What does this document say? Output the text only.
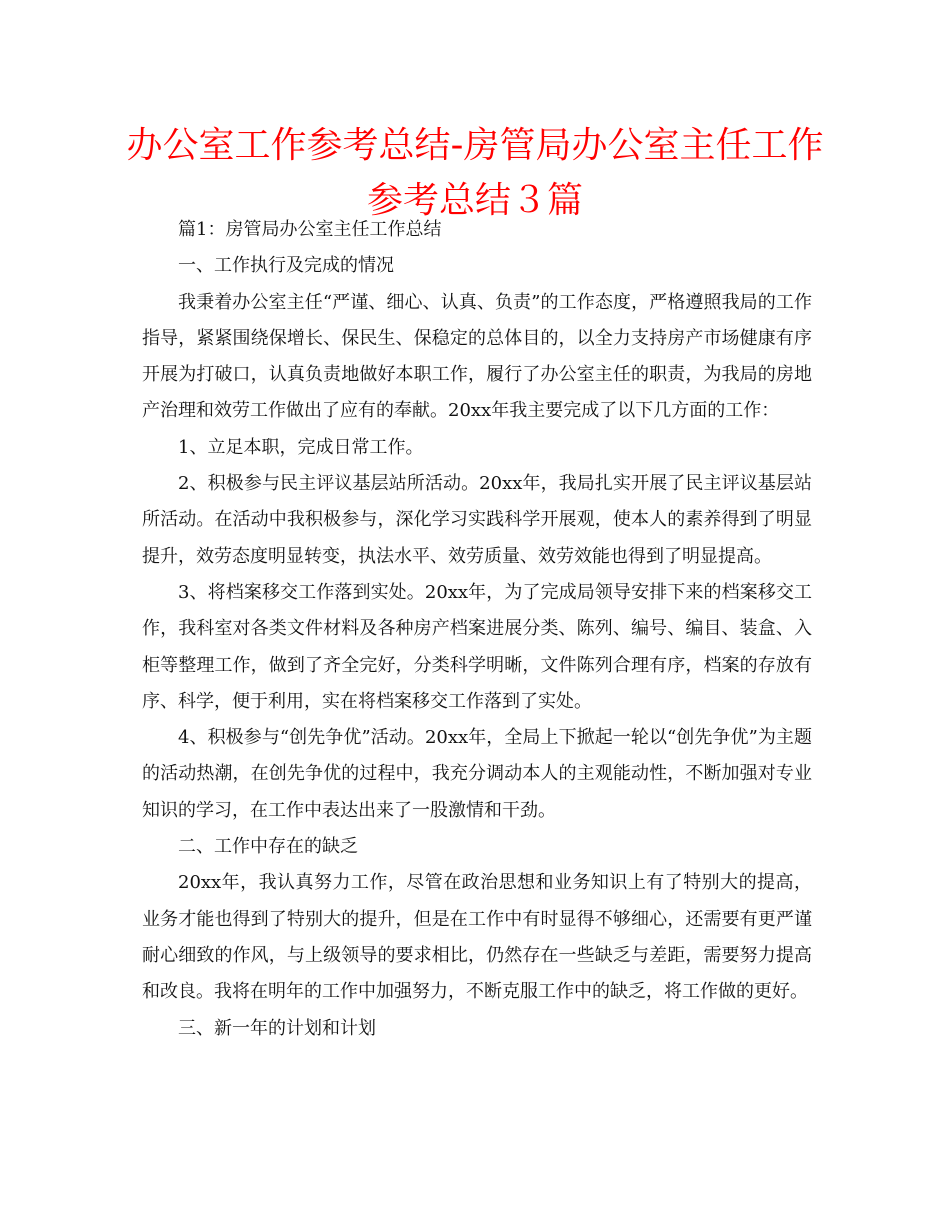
办公室工作参考总结-房管局办公室主任工作参考总结３篇

篇1：房管局办公室主任工作总结

一、工作执行及完成的情况

我秉着办公室主任“严谨、细心、认真、负责”的工作态度，严格遵照我局的工作指导，紧紧围绕保增长、保民生、保稳定的总体目的，以全力支持房产市场健康有序开展为打破口，认真负责地做好本职工作，履行了办公室主任的职责，为我局的房地产治理和效劳工作做出了应有的奉献。20xx年我主要完成了以下几方面的工作：

1、立足本职，完成日常工作。

2、积极参与民主评议基层站所活动。20xx年，我局扎实开展了民主评议基层站所活动。在活动中我积极参与，深化学习实践科学开展观，使本人的素养得到了明显提升，效劳态度明显转变，执法水平、效劳质量、效劳效能也得到了明显提高。

3、将档案移交工作落到实处。20xx年，为了完成局领导安排下来的档案移交工作，我科室对各类文件材料及各种房产档案进展分类、陈列、编号、编目、装盒、入柜等整理工作，做到了齐全完好，分类科学明晰，文件陈列合理有序，档案的存放有序、科学，便于利用，实在将档案移交工作落到了实处。

4、积极参与“创先争优”活动。20xx年，全局上下掀起一轮以“创先争优”为主题的活动热潮，在创先争优的过程中，我充分调动本人的主观能动性，不断加强对专业知识的学习，在工作中表达出来了一股激情和干劲。

二、工作中存在的缺乏

20xx年，我认真努力工作，尽管在政治思想和业务知识上有了特别大的提高，业务才能也得到了特别大的提升，但是在工作中有时显得不够细心，还需要有更严谨耐心细致的作风，与上级领导的要求相比，仍然存在一些缺乏与差距，需要努力提高和改良。我将在明年的工作中加强努力，不断克服工作中的缺乏，将工作做的更好。

三、新一年的计划和计划
